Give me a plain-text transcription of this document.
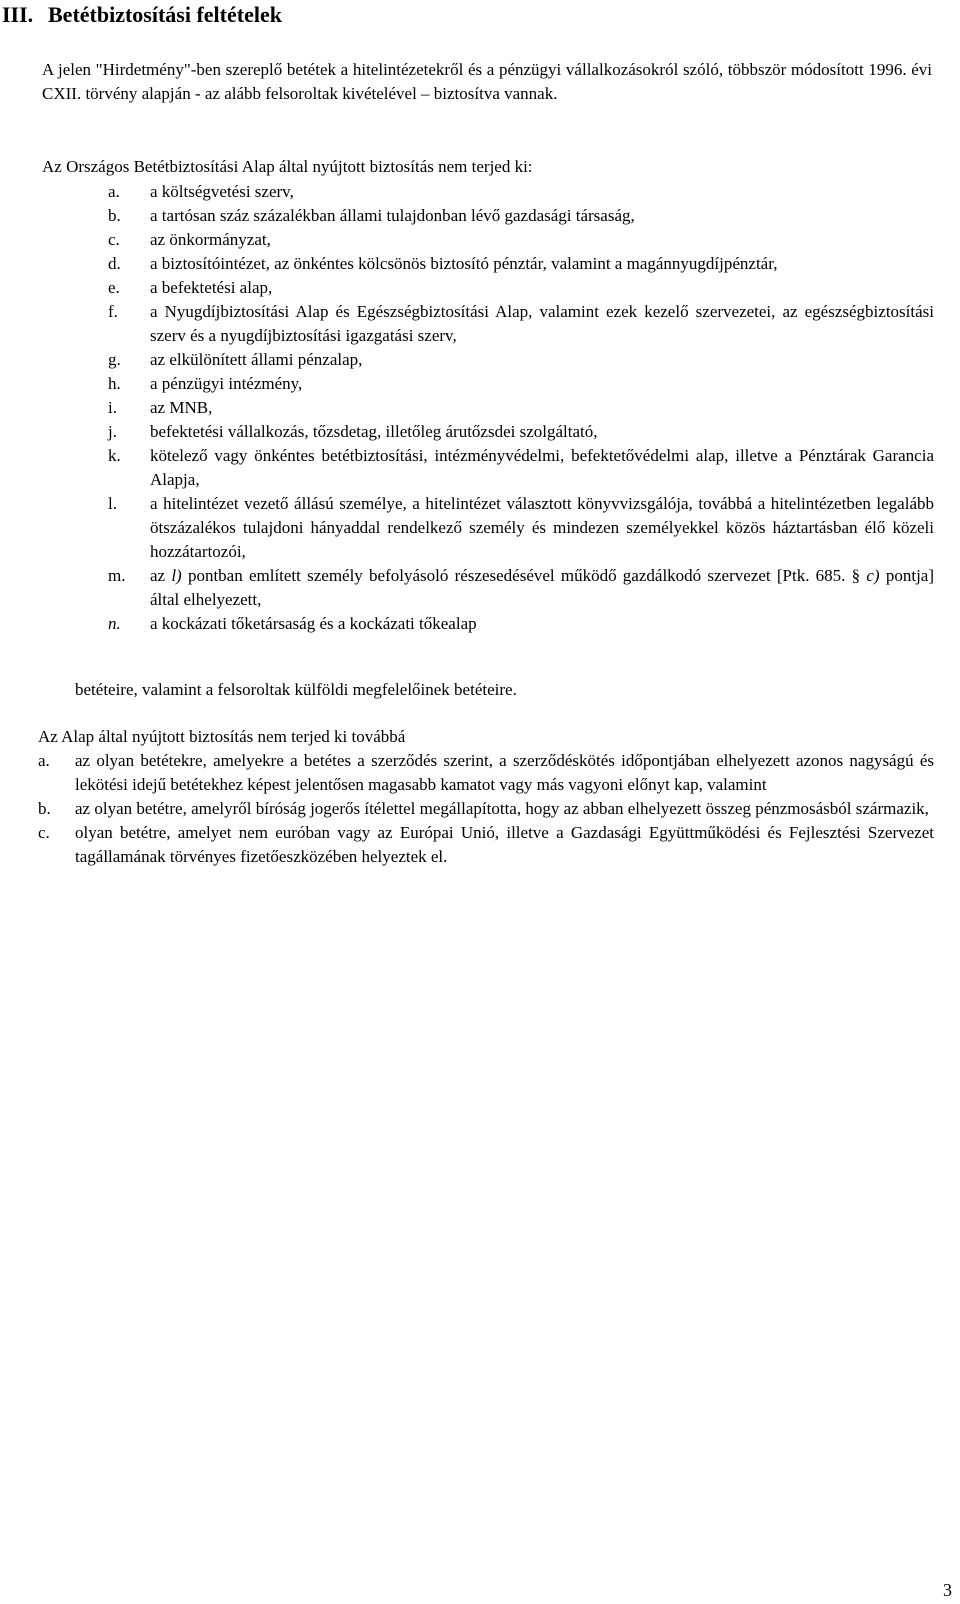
III. Betétbiztosítási feltételek

A jelen "Hirdetmény"-ben szereplő betétek a hitelintézetekről és a pénzügyi vállalkozásokról szóló, többször módosított 1996. évi CXII. törvény alapján - az alább felsoroltak kivételével – biztosítva vannak.

Az Országos Betétbiztosítási Alap által nyújtott biztosítás nem terjed ki:

a. a költségvetési szerv,
b. a tartósan száz százalékban állami tulajdonban lévő gazdasági társaság,
c. az önkormányzat,
d. a biztosítóintézet, az önkéntes kölcsönös biztosító pénztár, valamint a magánnyugdíjpénztár,
e. a befektetési alap,
f. a Nyugdíjbiztosítási Alap és Egészségbiztosítási Alap, valamint ezek kezelő szervezetei, az egészségbiztosítási szerv és a nyugdíjbiztosítási igazgatási szerv,
g. az elkülönített állami pénzalap,
h. a pénzügyi intézmény,
i. az MNB,
j. befektetési vállalkozás, tőzsdetag, illetőleg árutőzsdei szolgáltató,
k. kötelező vagy önkéntes betétbiztosítási, intézményvédelmi, befektetővédelmi alap, illetve a Pénztárak Garancia Alapja,
l. a hitelintézet vezető állású személye, a hitelintézet választott könyvvizsgálója, továbbá a hitelintézetben legalább ötszázalékos tulajdoni hányaddal rendelkező személy és mindezen személyekkel közös háztartásban élő közeli hozzátartozói,
m. az l) pontban említett személy befolyásoló részesedésével működő gazdálkodó szervezet [Ptk. 685. § c) pontja] által elhelyezett,
n. a kockázati tőketársaság és a kockázati tőkealap

betéteire, valamint a felsoroltak külföldi megfelelőinek betéteire.

Az Alap által nyújtott biztosítás nem terjed ki továbbá

a. az olyan betétekre, amelyekre a betétes a szerződés szerint, a szerződéskötés időpontjában elhelyezett azonos nagyságú és lekötési idejű betétekhez képest jelentősen magasabb kamatot vagy más vagyoni előnyt kap, valamint
b. az olyan betétre, amelyről bíróság jogerős ítélettel megállapította, hogy az abban elhelyezett összeg pénzmosásból származik,
c. olyan betétre, amelyet nem euróban vagy az Európai Unió, illetve a Gazdasági Együttműködési és Fejlesztési Szervezet tagállamának törvényes fizetőeszközében helyeztek el.

3
